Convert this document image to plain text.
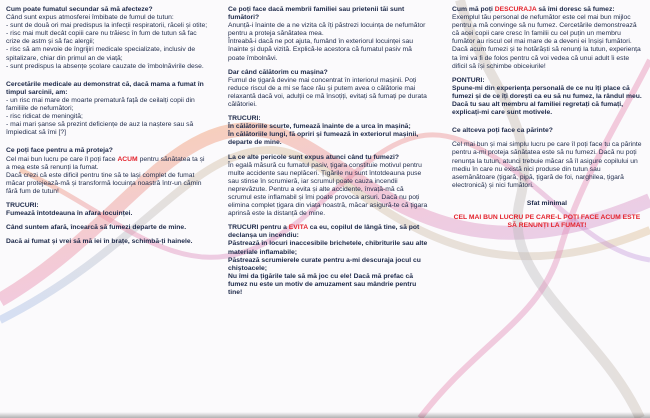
Cum poate fumatul secundar să mă afecteze?

Când sunt expus atmosferei îmbibate de fumul de tutun:

- sunt de două ori mai predispus la infecții respiratorii, răceli și otite;

- risc mai mult decât copiii care nu trăiesc în fum de tutun să fac crize de astm și să fac alergii;

- risc să am nevoie de îngrijiri medicale specializate, inclusiv de spitalizare, chiar din primul an de viață;

- sunt predispus la absențe școlare cauzate de îmbolnăvirile dese.

Cercetările medicale au demonstrat că, dacă mama a fumat în timpul sarcinii, am:

- un risc mai mare de moarte prematură față de ceilalți copii din familiile de nefumători;

- risc ridicat de meningită;

- mai mari șanse să prezint deficiențe de auz la naștere sau să împiedicat să îmi [?]

Ce poți face pentru a mă proteja?

Cel mai bun lucru pe care îl poți face ACUM pentru sănătatea ta și a mea este să renunți la fumat.

Dacă crezi că este dificil pentru tine să te lași complet de fumat măcar protejează-mă și transformă locuința noastră într-un cămin fără fum de tutun!

TRUCURI:

Fumează întotdeauna în afara locuinței.

Când suntem afară, încearcă să fumezi departe de mine.

Dacă ai fumat și vrei să mă iei în brațe, schimbă-ți hainele.

Ce poți face dacă membrii familiei sau prietenii tăi sunt fumători?

Anunță-i înainte de a ne vizita că îți păstrezi locuința de nefumător pentru a proteja sănătatea mea.

Întreabă-i dacă ne pot ajuta, fumând în exteriorul locuinței sau înainte și după vizită. Explică-le acestora că fumatul pasiv mă poate îmbolnăvi.

Dar când călătorim cu mașina?

Fumul de țigară devine mai concentrat în interiorul mașinii. Poți reduce riscul de a mi se face rău și putem avea o călătorie mai relaxantă dacă voi, adulții ce mă însoțiți, evitați să fumați pe durata călătoriei.

TRUCURI:

În călătoriile scurte, fumează înainte de a urca în mașină;

În călătoriile lungi, fă opriri și fumează în exteriorul mașinii, departe de mine.

La ce alte pericole sunt expus atunci când tu fumezi?

În egală măsură cu fumatul pasiv, țigara constituie motivul pentru multe accidente sau neplăceri. Țigările nu sunt întotdeauna puse sau stinse în scrumieră, iar scrumul poate cauza incendii neprevăzute. Pentru a evita și alte accidente, învață-mă că scrumul este inflamabil și îmi poate provoca arsuri. Dacă nu poți elimina complet țigara din viața noastră, măcar asigură-te că țigara aprinsă este la distanță de mine.

TRUCURI pentru a EVITA ca eu, copilul de lângă tine, să pot declanșa un incendiu:

Păstrează în locuri inaccesibile brichetele, chibriturile sau alte materiale inflamabile;

Păstrează scrumierele curate pentru a-mi descuraja jocul cu chiștoacele;

Nu îmi da țigările tale să mă joc cu ele! Dacă mă prefac că fumez nu este un motiv de amuzament sau mândrie pentru tine!

Cum mă poți DESCURAJA să îmi doresc să fumez:

Exemplul tău personal de nefumător este cel mai bun mijloc pentru a mă convinge să nu fumez. Cercetările demonstrează că acei copii care cresc în familii cu cel puțin un membru fumător au riscul cel mai mare de a deveni ei înșiși fumători.

Dacă acum fumezi și te hotărăști să renunți la tutun, experiența ta îmi va fi de folos pentru că voi vedea că unui adult îi este dificil să își schimbe obiceiurile!

PONTURI:

Spune-mi din experiența personală de ce nu îți place că fumezi și de ce îți dorești ca eu să nu fumez, la rândul meu.

Dacă tu sau alt membru al familiei regretați că fumați, explicați-mi care sunt motivele.

Ce altceva poți face ca părinte?

Cel mai bun și mai simplu lucru pe care îl poți face tu ca părinte pentru a-mi proteja sănătatea este să nu fumezi. Dacă nu poți renunța la tutun, atunci trebuie măcar să îl asigure copilului un mediu în care nu există nici produse din tutun sau asemănătoare (țigară, pipă, țigară de foi, narghilea, țigară electronică) și nici fumători.

Sfat minimal

CEL MAI BUN LUCRU PE CARE-L POȚI FACE ACUM ESTE SĂ RENUNȚI LA FUMAT!
